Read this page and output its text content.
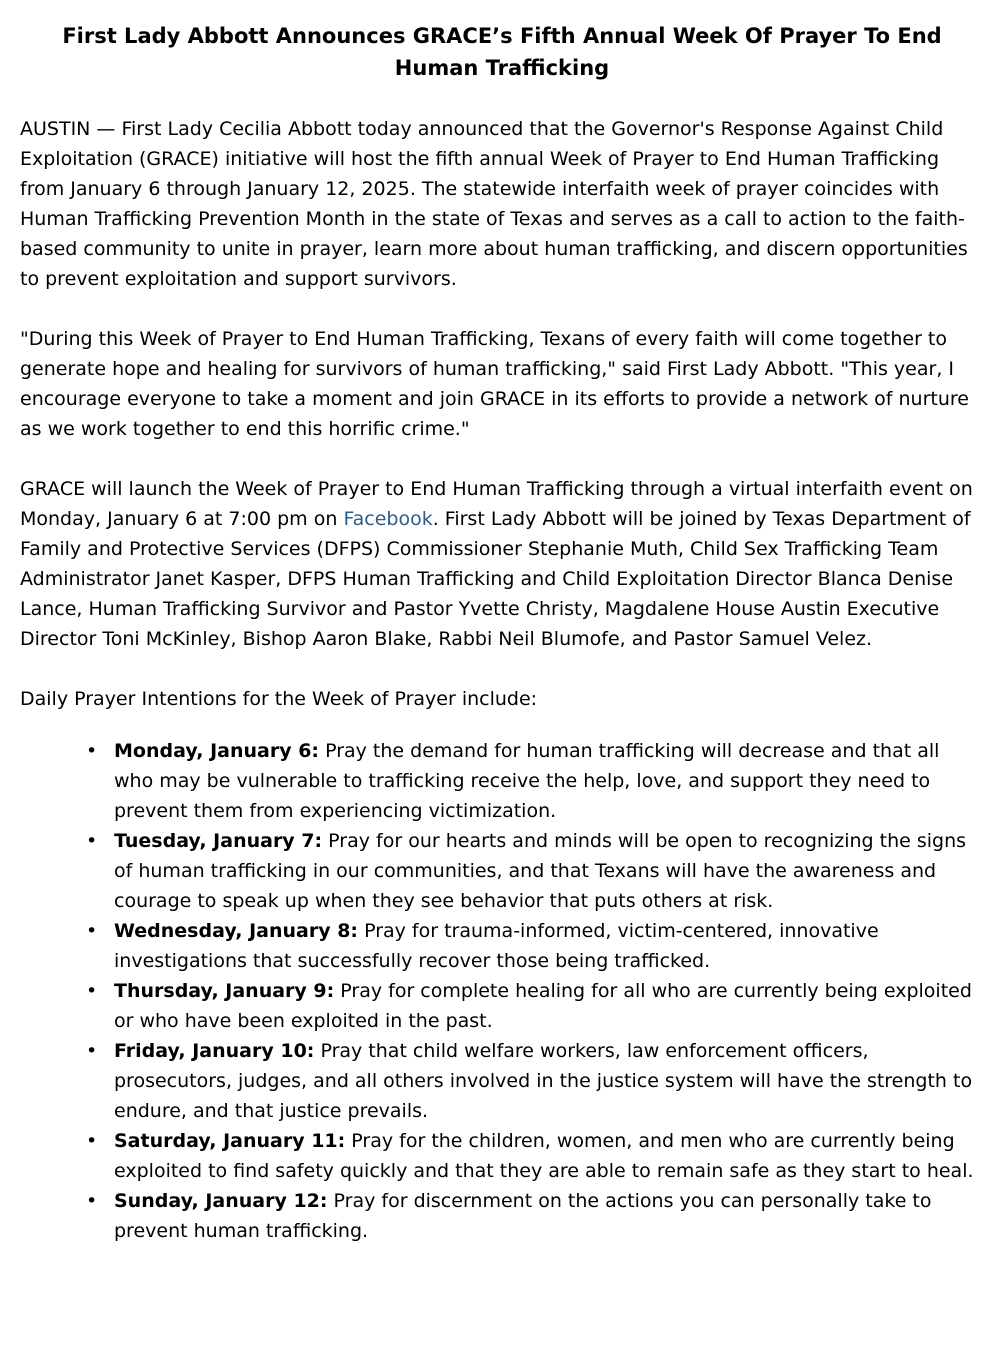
First Lady Abbott Announces GRACE’s Fifth Annual Week Of Prayer To End Human Trafficking

AUSTIN — First Lady Cecilia Abbott today announced that the Governor's Response Against Child Exploitation (GRACE) initiative will host the fifth annual Week of Prayer to End Human Trafficking from January 6 through January 12, 2025. The statewide interfaith week of prayer coincides with Human Trafficking Prevention Month in the state of Texas and serves as a call to action to the faith-based community to unite in prayer, learn more about human trafficking, and discern opportunities to prevent exploitation and support survivors.

"During this Week of Prayer to End Human Trafficking, Texans of every faith will come together to generate hope and healing for survivors of human trafficking," said First Lady Abbott. "This year, I encourage everyone to take a moment and join GRACE in its efforts to provide a network of nurture as we work together to end this horrific crime."

GRACE will launch the Week of Prayer to End Human Trafficking through a virtual interfaith event on Monday, January 6 at 7:00 pm on Facebook. First Lady Abbott will be joined by Texas Department of Family and Protective Services (DFPS) Commissioner Stephanie Muth, Child Sex Trafficking Team Administrator Janet Kasper, DFPS Human Trafficking and Child Exploitation Director Blanca Denise Lance, Human Trafficking Survivor and Pastor Yvette Christy, Magdalene House Austin Executive Director Toni McKinley, Bishop Aaron Blake, Rabbi Neil Blumofe, and Pastor Samuel Velez.

Daily Prayer Intentions for the Week of Prayer include:

• Monday, January 6: Pray the demand for human trafficking will decrease and that all who may be vulnerable to trafficking receive the help, love, and support they need to prevent them from experiencing victimization.
• Tuesday, January 7: Pray for our hearts and minds will be open to recognizing the signs of human trafficking in our communities, and that Texans will have the awareness and courage to speak up when they see behavior that puts others at risk.
• Wednesday, January 8: Pray for trauma-informed, victim-centered, innovative investigations that successfully recover those being trafficked.
• Thursday, January 9: Pray for complete healing for all who are currently being exploited or who have been exploited in the past.
• Friday, January 10: Pray that child welfare workers, law enforcement officers, prosecutors, judges, and all others involved in the justice system will have the strength to endure, and that justice prevails.
• Saturday, January 11: Pray for the children, women, and men who are currently being exploited to find safety quickly and that they are able to remain safe as they start to heal.
• Sunday, January 12: Pray for discernment on the actions you can personally take to prevent human trafficking.
